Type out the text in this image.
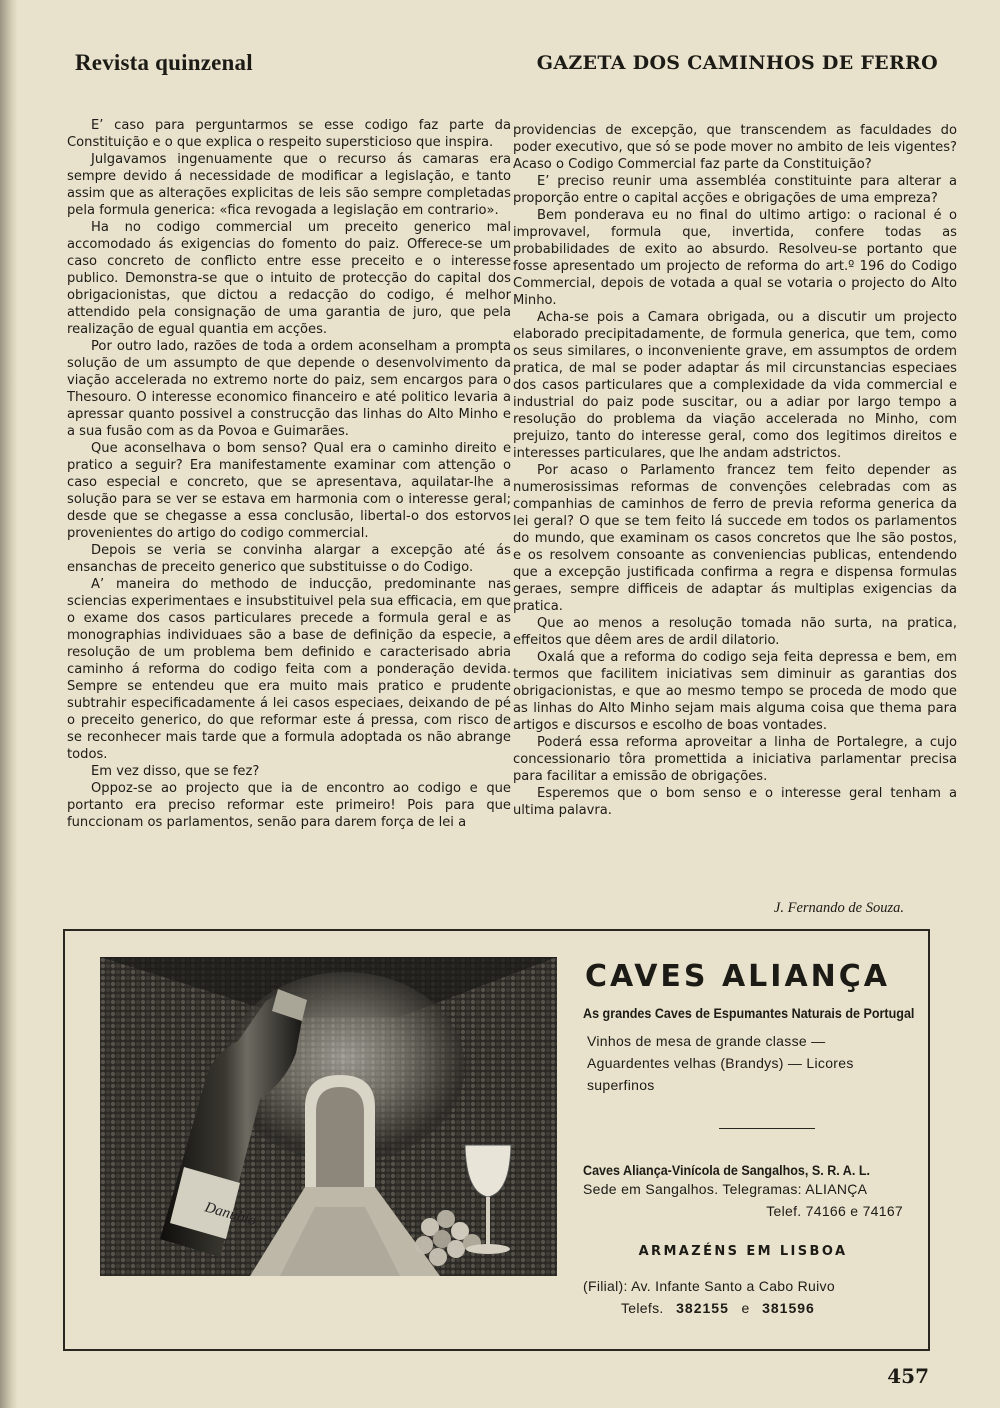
Revista quinzenal	GAZETA DOS CAMINHOS DE FERRO

E’ caso para perguntarmos se esse codigo faz parte da Constituição e o que explica o respeito supersticioso que inspira.

Julgavamos ingenuamente que o recurso ás camaras era sempre devido á necessidade de modificar a legislação, e tanto assim que as alterações explicitas de leis são sempre completadas pela formula generica: «fica revogada a legislação em contrario».

Ha no codigo commercial um preceito generico mal accomodado ás exigencias do fomento do paiz. Offerece-se um caso concreto de conflicto entre esse preceito e o interesse publico. Demonstra-se que o intuito de protecção do capital dos obrigacionistas, que dictou a redacção do codigo, é melhor attendido pela consignação de uma garantia de juro, que pela realização de egual quantia em acções.

Por outro lado, razões de toda a ordem aconselham a promptа solução de um assumpto de que depende o desenvolvimento da viação accelerada no extremo norte do paiz, sem encargos para o Thesouro. O interesse economico financeiro e até politico levaria a apressar quanto possivel a construcção das linhas do Alto Minho e a sua fusão com as da Povoa e Guimarães.

Que aconselhava o bom senso? Qual era o caminho direito e pratico a seguir? Era manifestamente examinar com attenção o caso especial e concreto, que se apresentava, aquilatar-lhe a solução para se ver se estava em harmonia com o interesse geral; desde que se chegasse a essa conclusão, libertal-o dos estorvos provenientes do artigo do codigo commercial.

Depois se veria se convinha alargar a excepção até ás ensanchas de preceito generico que substituisse o do Codigo.

A’ maneira do methodo de inducção, predominante nas sciencias experimentaes e insubstituivel pela sua efficacia, em que o exame dos casos particulares precede a formula geral e as monographias individuaes são a base de definição da especie, a resolução de um problema bem definido e caracterisado abria caminho á reforma do codigo feita com a ponderação devida. Sempre se entendeu que era muito mais pratico e prudente subtrahir especificadamente á lei casos especiaes, deixando de pé o preceito generico, do que reformar este á pressa, com risco de se reconhecer mais tarde que a formula adoptada os não abrange todos.

Em vez disso, que se fez?

Oppoz-se ao projecto que ia de encontro ao codigo e que portanto era preciso reformar este primeiro! Pois para que funccionam os parlamentos, senão para darem força de lei a

providencias de excepção, que transcendem as faculdades do poder executivo, que só se pode mover no ambito de leis vigentes? Acaso o Codigo Commercial faz parte da Constituição?

E’ preciso reunir uma assembléa constituinte para alterar a proporção entre o capital acções e obrigações de uma empreza?

Bem ponderava eu no final do ultimo artigo: o racional é o improvavel, formula que, invertida, confere todas as probabilidades de exito ao absurdo. Resolveu-se portanto que fosse apresentado um projecto de reforma do art.º 196 do Codigo Commercial, depois de votada a qual se votaria o projecto do Alto Minho.

Acha-se pois a Camara obrigada, ou a discutir um projecto elaborado precipitadamente, de formula generica, que tem, como os seus similares, o inconveniente grave, em assumptos de ordem pratica, de mal se poder adaptar ás mil circunstancias especiaes dos casos particulares que a complexidade da vida commercial e industrial do paiz pode suscitar, ou a adiar por largo tempo a resolução do problema da viação accelerada no Minho, com prejuizo, tanto do interesse geral, como dos legitimos direitos e interesses particulares, que lhe andam adstrictos.

Por acaso o Parlamento francez tem feito depender as numerosissimas reformas de convenções celebradas com as companhias de caminhos de ferro de previa reforma generica da lei geral? O que se tem feito lá succede em todos os parlamentos do mundo, que examinam os casos concretos que lhe são postos, e os resolvem consoante as conveniencias publicas, entendendo que a excepção justificada confirma a regra e dispensa formulas geraes, sempre difficeis de adaptar ás multiplas exigencias da pratica.

Que ao menos a resolução tomada não surta, na pratica, effeitos que dêem ares de ardil dilatorio.

Oxalá que a reforma do codigo seja feita depressa e bem, em termos que facilitem iniciativas sem diminuir as garantias dos obrigacionistas, e que ao mesmo tempo se proceda de modo que as linhas do Alto Minho sejam mais alguma coisa que thema para artigos e discursos e escolho de boas vontades.

Poderá essa reforma aproveitar a linha de Portalegre, a cujo concessionario tôra promettida a iniciativa parlamentar precisa para facilitar a emissão de obrigações.

Esperemos que o bom senso e o interesse geral tenham a ultima palavra.

J. Fernando de Souza.
Danubio
CAVES ALIANÇA
As grandes Caves de Espumantes Naturais de Portugal
Vinhos de mesa de grande classe — Aguardentes velhas (Brandys) — Licores superfinos
Caves Aliança-Vinícola de Sangalhos, S. R. A. L.
Sede em Sangalhos. Telegramas: ALIANÇA
Telef. 74166 e 74167
ARMAZÉNS EM LISBOA
(Filial): Av. Infante Santo a Cabo Ruivo
Telefs. 382155 e 381596
457
